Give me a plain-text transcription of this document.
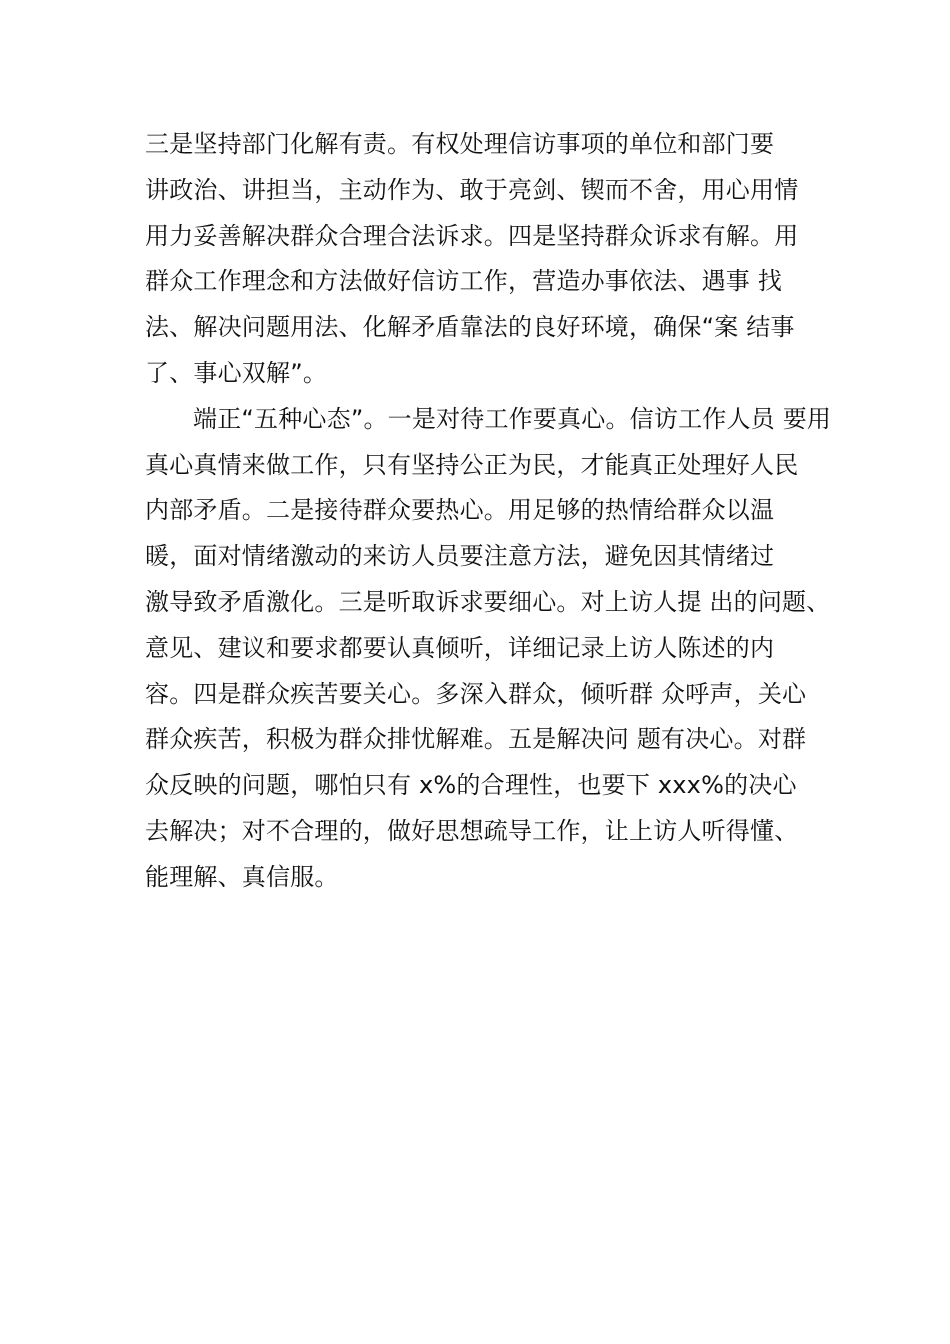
三是坚持部门化解有责。有权处理信访事项的单位和部门要
讲政治、讲担当，主动作为、敢于亮剑、锲而不舍，用心用情
用力妥善解决群众合理合法诉求。四是坚持群众诉求有解。用
群众工作理念和方法做好信访工作，营造办事依法、遇事 找
法、解决问题用法、化解矛盾靠法的良好环境，确保“案 结事
了、事心双解”。
端正“五种心态”。一是对待工作要真心。信访工作人员 要用
真心真情来做工作，只有坚持公正为民，才能真正处理好人民
内部矛盾。二是接待群众要热心。用足够的热情给群众以温
暖，面对情绪激动的来访人员要注意方法，避免因其情绪过
激导致矛盾激化。三是听取诉求要细心。对上访人提 出的问题、
意见、建议和要求都要认真倾听，详细记录上访人陈述的内
容。四是群众疾苦要关心。多深入群众，倾听群 众呼声，关心
群众疾苦，积极为群众排忧解难。五是解决问 题有决心。对群
众反映的问题，哪怕只有 x%的合理性，也要下 xxx%的决心
去解决；对不合理的，做好思想疏导工作，让上访人听得懂、
能理解、真信服。
